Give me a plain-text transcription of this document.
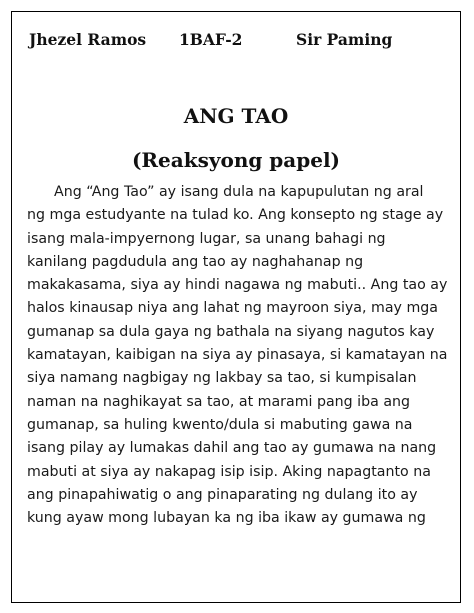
Jhezel Ramos 1BAF-2	Sir Paming
ANG TAO
(Reaksyong papel)
Ang “Ang Tao” ay isang dula na kapupulutan ng aral
ng mga estudyante na tulad ko. Ang konsepto ng stage ay
isang mala-impyernong lugar, sa unang bahagi ng
kanilang pagdudula ang tao ay naghahanap ng
makakasama, siya ay hindi nagawa ng mabuti.. Ang tao ay
halos kinausap niya ang lahat ng mayroon siya, may mga
gumanap sa dula gaya ng bathala na siyang nagutos kay
kamatayan, kaibigan na siya ay pinasaya, si kamatayan na
siya namang nagbigay ng lakbay sa tao, si kumpisalan
naman na naghikayat sa tao, at marami pang iba ang
gumanap, sa huling kwento/dula si mabuting gawa na
isang pilay ay lumakas dahil ang tao ay gumawa na nang
mabuti at siya ay nakapag isip isip. Aking napagtanto na
ang pinapahiwatig o ang pinaparating ng dulang ito ay
kung ayaw mong lubayan ka ng iba ikaw ay gumawa ng
